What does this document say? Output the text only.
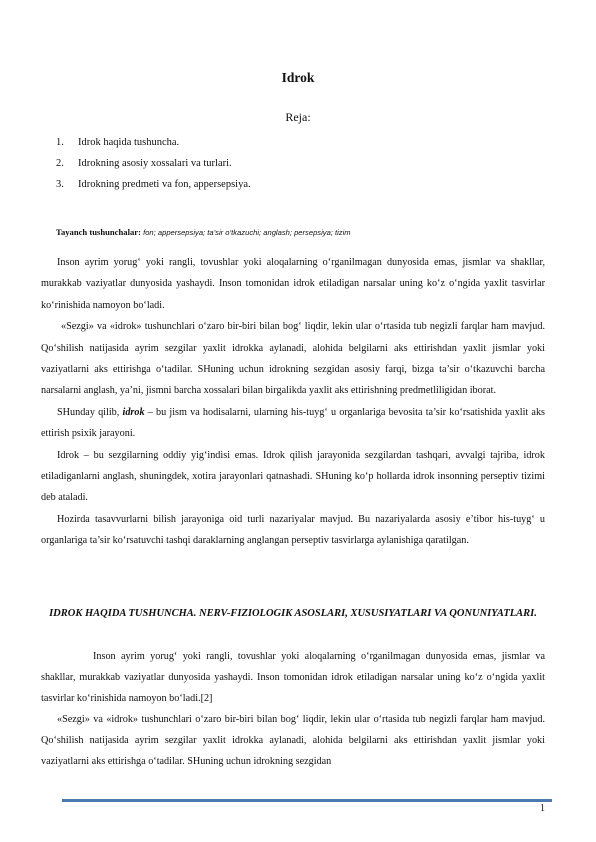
Idrok
Reja:
1. Idrok haqida tushuncha.
2. Idrokning asosiy xossalari va turlari.
3. Idrokning predmeti va fon, appersepsiya.
Tayanch tushunchalar: fon; appersepsiya; ta’sir o‘tkazuchi; anglash; persepsiya; tizim

Inson ayrim yorug‘ yoki rangli, tovushlar yoki aloqalarning o‘rganilmagan dunyosida emas, jismlar va shakllar, murakkab vaziyatlar dunyosida yashaydi. Inson tomonidan idrok etiladigan narsalar uning ko‘z o‘ngida yaxlit tasvirlar ko‘rinishida namoyon bo‘ladi.

«Sezgi» va «idrok» tushunchlari o‘zaro bir-biri bilan bog‘ liqdir, lekin ular o‘rtasida tub negizli farqlar ham mavjud. Qo‘shilish natijasida ayrim sezgilar yaxlit idrokka aylanadi, alohida belgilarni aks ettirishdan yaxlit jismlar yoki vaziyatlarni aks ettirishga o‘tadilar. SHuning uchun idrokning sezgidan asosiy farqi, bizga ta’sir o‘tkazuvchi barcha narsalarni anglash, ya’ni, jismni barcha xossalari bilan birgalikda yaxlit aks ettirishning predmetliligidan iborat.

SHunday qilib, idrok – bu jism va hodisalarni, ularning his-tuyg‘ u organlariga bevosita ta’sir ko‘rsatishida yaxlit aks ettirish psixik jarayoni.

Idrok – bu sezgilarning oddiy yig‘indisi emas. Idrok qilish jarayonida sezgilardan tashqari, avvalgi tajriba, idrok etiladiganlarni anglash, shuningdek, xotira jarayonlari qatnashadi. SHuning ko‘p hollarda idrok insonning perseptiv tizimi deb ataladi.

Hozirda tasavvurlarni bilish jarayoniga oid turli nazariyalar mavjud. Bu nazariyalarda asosiy e’tibor his-tuyg‘ u organlariga ta’sir ko‘rsatuvchi tashqi daraklarning anglangan perseptiv tasvirlarga aylanishiga qaratilgan.

IDROK HAQIDA TUSHUNCHA. NERV-FIZIOLOGIK ASOSLARI, XUSUSIYATLARI VA QONUNIYATLARI.

Inson ayrim yorug‘ yoki rangli, tovushlar yoki aloqalarning o‘rganilmagan dunyosida emas, jismlar va shakllar, murakkab vaziyatlar dunyosida yashaydi. Inson tomonidan idrok etiladigan narsalar uning ko‘z o‘ngida yaxlit tasvirlar ko‘rinishida namoyon bo‘ladi.[2]

«Sezgi» va «idrok» tushunchlari o‘zaro bir-biri bilan bog‘ liqdir, lekin ular o‘rtasida tub negizli farqlar ham mavjud. Qo‘shilish natijasida ayrim sezgilar yaxlit idrokka aylanadi, alohida belgilarni aks ettirishdan yaxlit jismlar yoki vaziyatlarni aks ettirishga o‘tadilar. SHuning uchun idrokning sezgidan

1
